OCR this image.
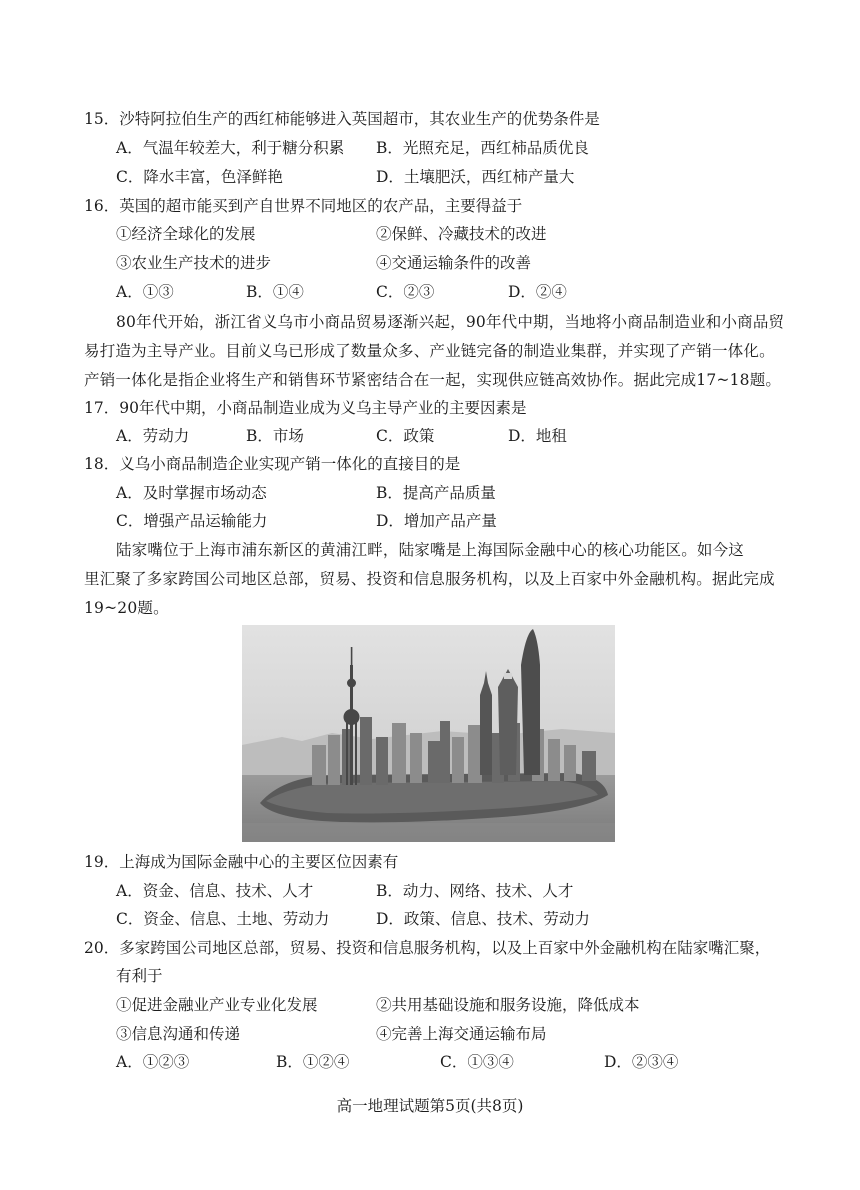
15．沙特阿拉伯生产的西红柿能够进入英国超市，其农业生产的优势条件是
A．气温年较差大，利于糖分积累 B．光照充足，西红柿品质优良
C．降水丰富，色泽鲜艳	D．土壤肥沃，西红柿产量大
16．英国的超市能买到产自世界不同地区的农产品，主要得益于
①经济全球化的发展	②保鲜、冷藏技术的改进
③农业生产技术的进步	④交通运输条件的改善
A．①③	B．①④	C．②③	D．②④
80年代开始，浙江省义乌市小商品贸易逐渐兴起，90年代中期，当地将小商品制造业和小商品贸
易打造为主导产业。目前义乌已形成了数量众多、产业链完备的制造业集群，并实现了产销一体化。
产销一体化是指企业将生产和销售环节紧密结合在一起，实现供应链高效协作。据此完成17~18题。
17．90年代中期，小商品制造业成为义乌主导产业的主要因素是
A．劳动力	B．市场	C．政策	D．地租
18．义乌小商品制造企业实现产销一体化的直接目的是
A．及时掌握市场动态	B．提高产品质量
C．增强产品运输能力	D．增加产品产量
陆家嘴位于上海市浦东新区的黄浦江畔，陆家嘴是上海国际金融中心的核心功能区。如今这
里汇聚了多家跨国公司地区总部，贸易、投资和信息服务机构，以及上百家中外金融机构。据此完成
19~20题。
19．上海成为国际金融中心的主要区位因素有
A．资金、信息、技术、人才	B．动力、网络、技术、人才
C．资金、信息、土地、劳动力	D．政策、信息、技术、劳动力
20．多家跨国公司地区总部，贸易、投资和信息服务机构，以及上百家中外金融机构在陆家嘴汇聚，
有利于
①促进金融业产业专业化发展	②共用基础设施和服务设施，降低成本
③信息沟通和传递	④完善上海交通运输布局
A．①②③	B．①②④	C．①③④	D．②③④
高一地理试题第5页(共8页)
